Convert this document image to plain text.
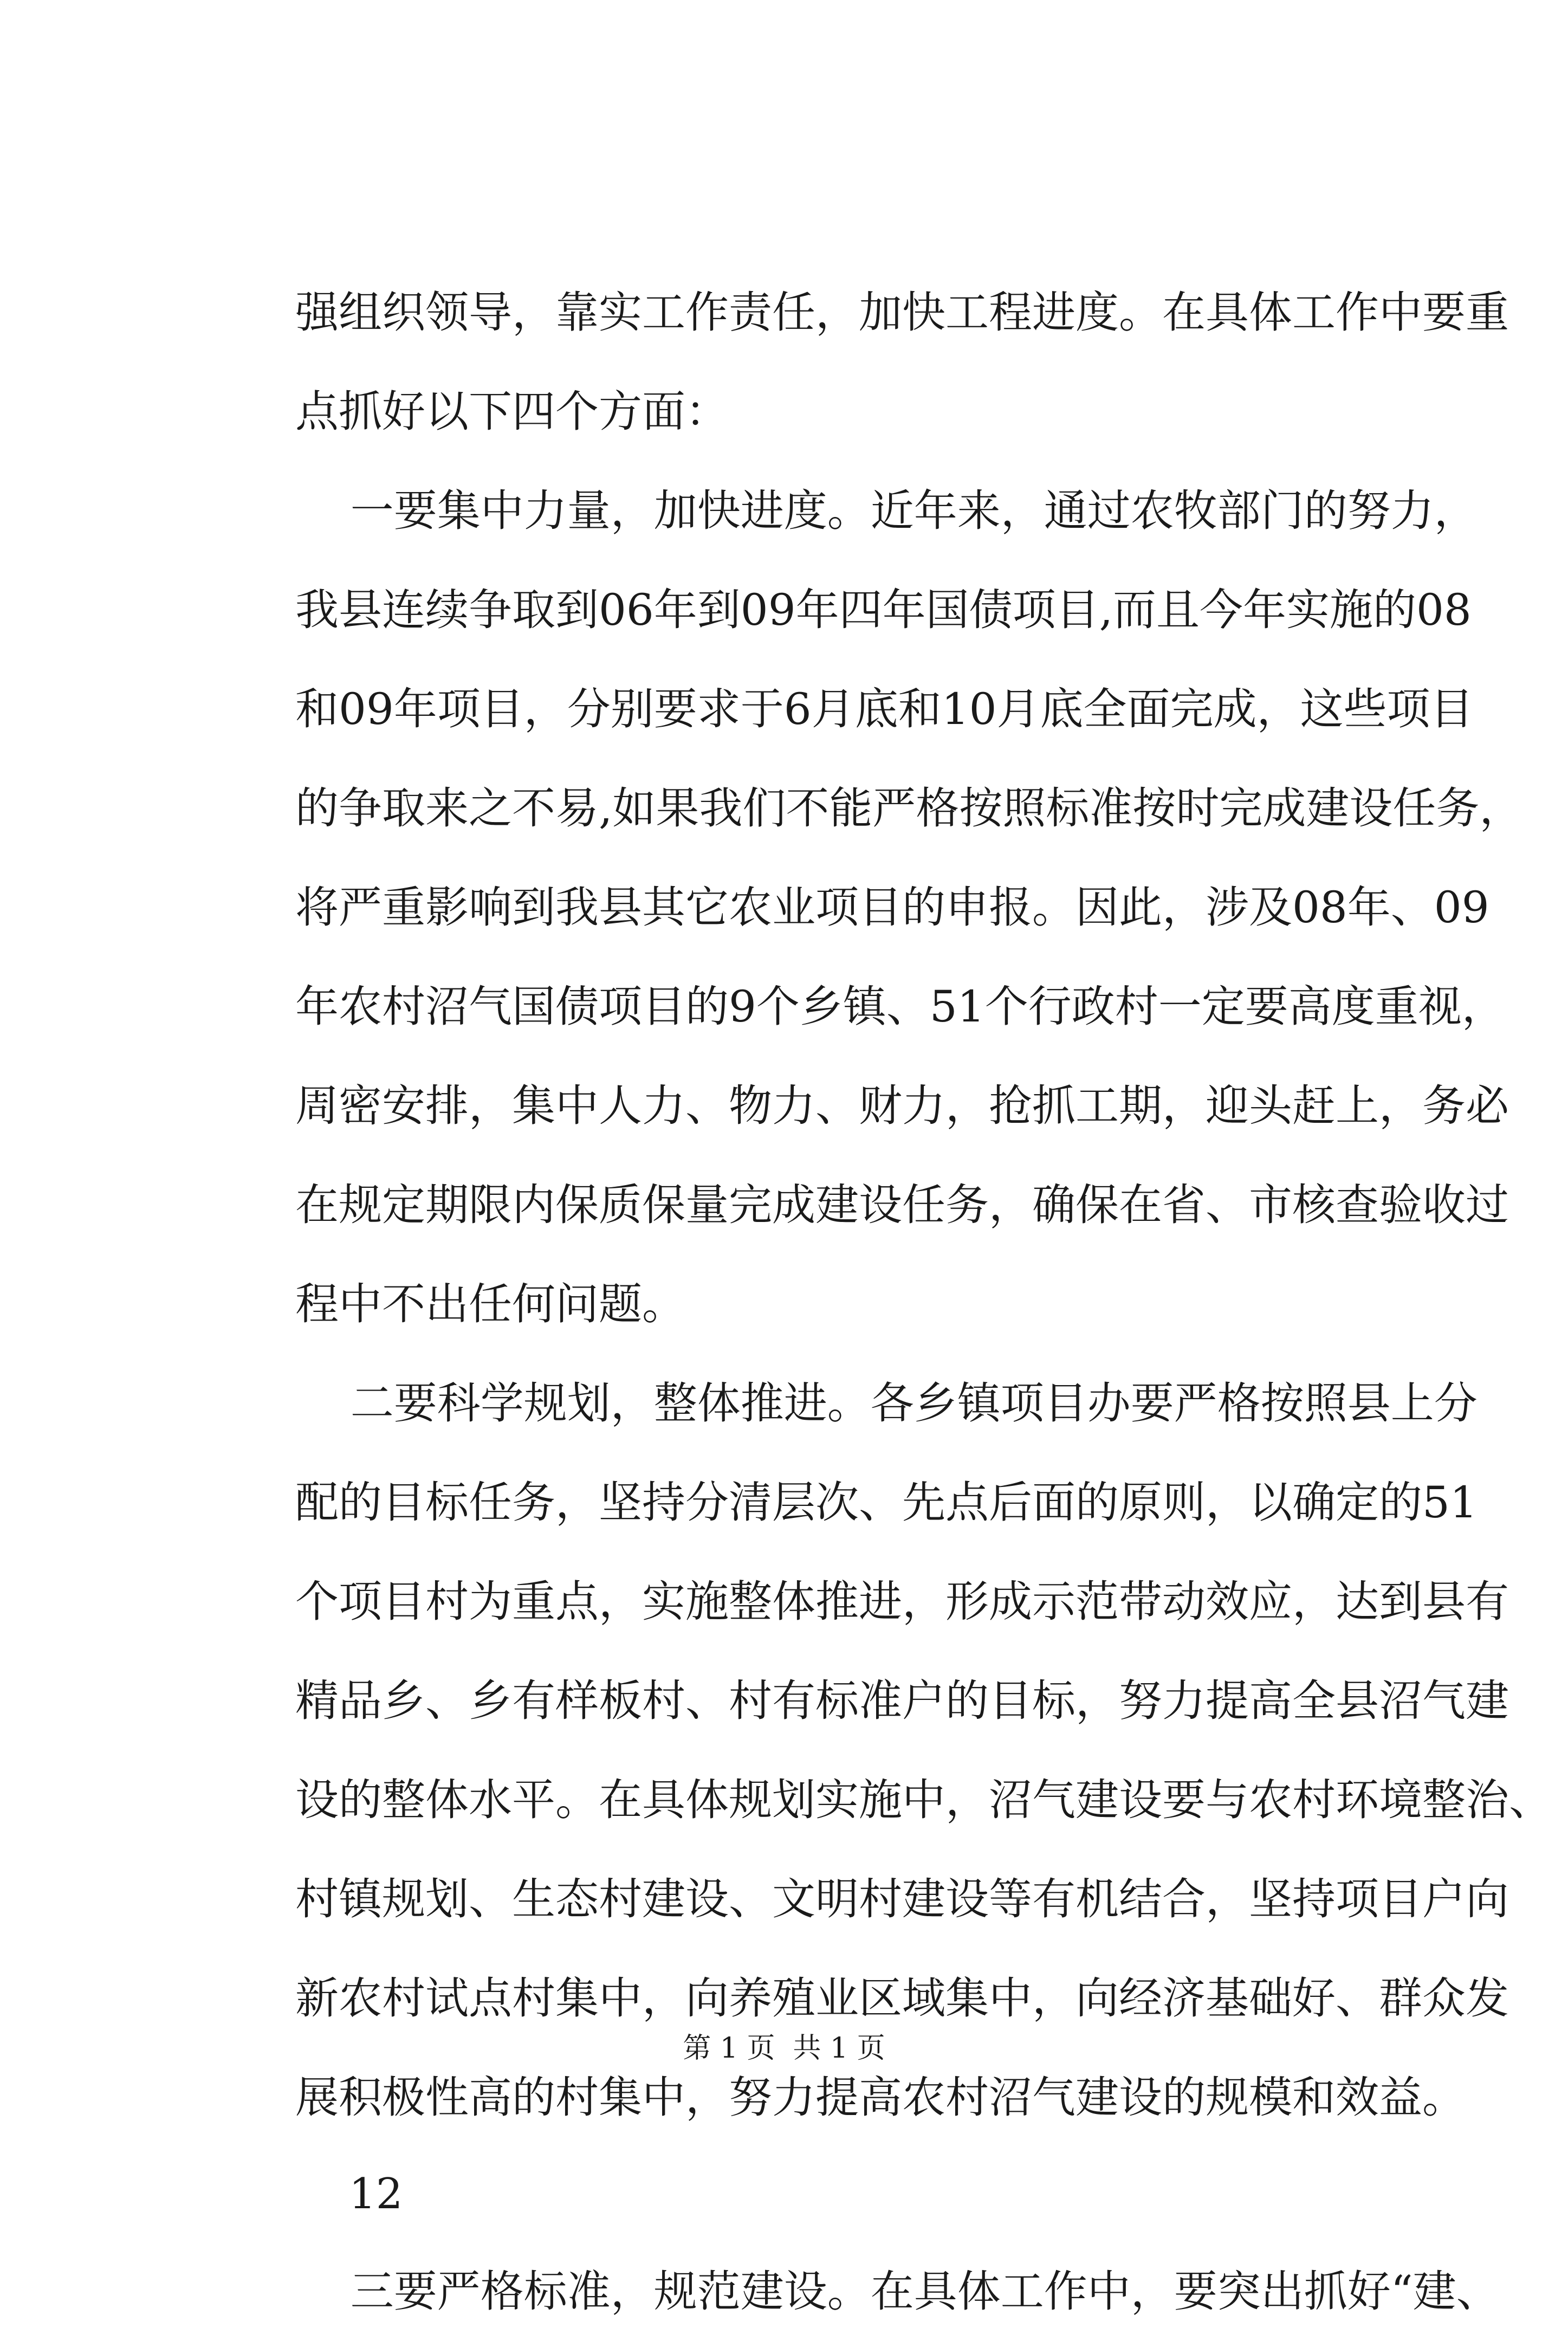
强组织领导，靠实工作责任，加快工程进度。在具体工作中要重
点抓好以下四个方面：
一要集中力量，加快进度。近年来，通过农牧部门的努力，
我县连续争取到06年到09年四年国债项目,而且今年实施的08
和09年项目，分别要求于6月底和10月底全面完成，这些项目
的争取来之不易,如果我们不能严格按照标准按时完成建设任务，
将严重影响到我县其它农业项目的申报。因此，涉及08年、09
年农村沼气国债项目的9个乡镇、51个行政村一定要高度重视，
周密安排，集中人力、物力、财力，抢抓工期，迎头赶上，务必
在规定期限内保质保量完成建设任务，确保在省、市核查验收过
程中不出任何问题。
二要科学规划，整体推进。各乡镇项目办要严格按照县上分
配的目标任务，坚持分清层次、先点后面的原则，以确定的51
个项目村为重点，实施整体推进，形成示范带动效应，达到县有
精品乡、乡有样板村、村有标准户的目标，努力提高全县沼气建
设的整体水平。在具体规划实施中，沼气建设要与农村环境整治、
村镇规划、生态村建设、文明村建设等有机结合，坚持项目户向
新农村试点村集中，向养殖业区域集中，向经济基础好、群众发
展积极性高的村集中，努力提高农村沼气建设的规模和效益。
12
三要严格标准，规范建设。在具体工作中，要突出抓好“建、
第 1 页  共 1 页
